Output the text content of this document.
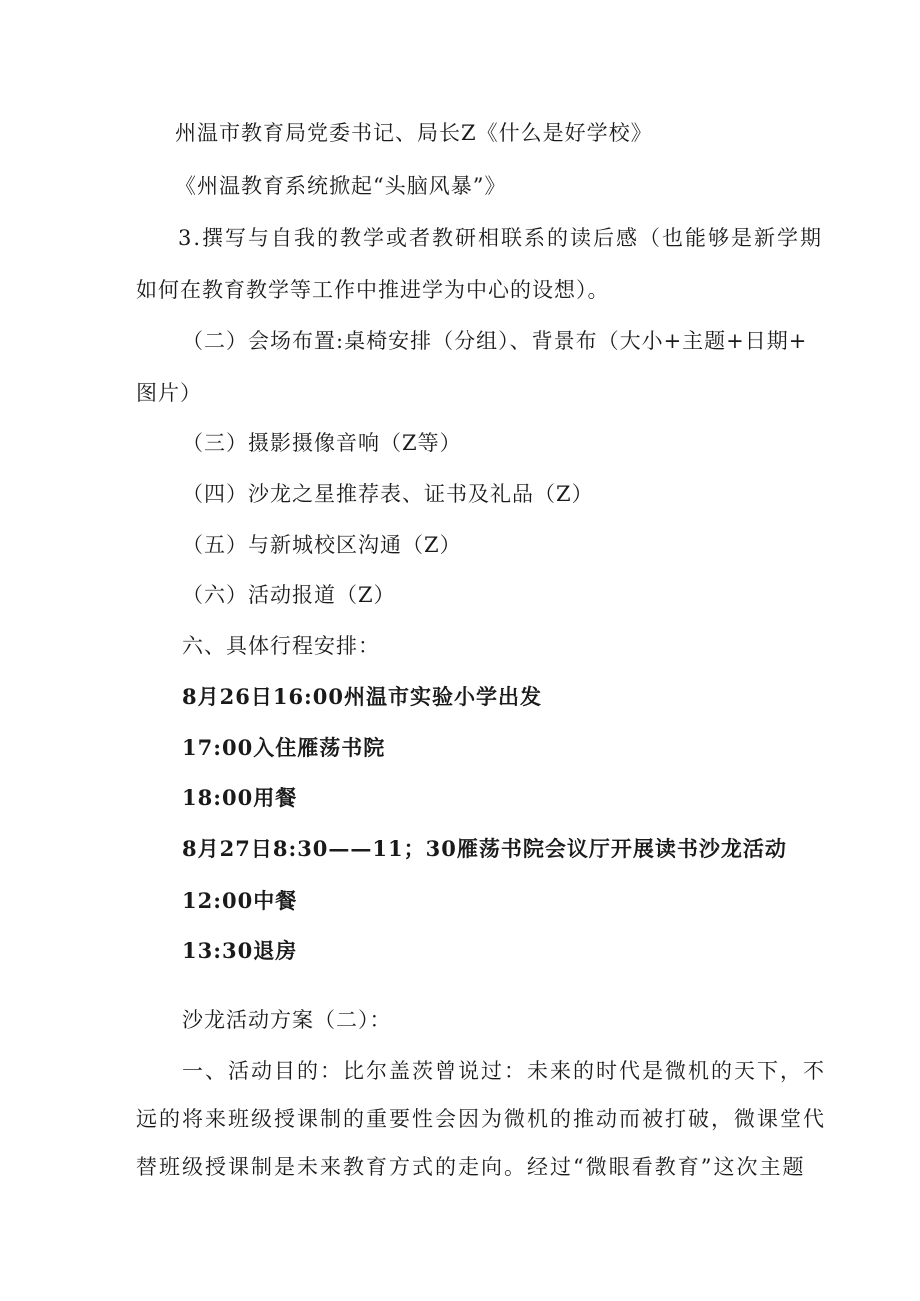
州温市教育局党委书记、局长Z《什么是好学校》
《州温教育系统掀起“头脑风暴”》
3.撰写与自我的教学或者教研相联系的读后感（也能够是新学期
如何在教育教学等工作中推进学为中心的设想）。
（二）会场布置:桌椅安排（分组）、背景布（大小+主题+日期+
图片）
（三）摄影摄像音响（Z等）
（四）沙龙之星推荐表、证书及礼品（Z）
（五）与新城校区沟通（Z）
（六）活动报道（Z）
六、具体行程安排：
8月26日16:00州温市实验小学出发
17:00入住雁荡书院
18:00用餐
8月27日8:30——11；30雁荡书院会议厅开展读书沙龙活动
12:00中餐
13:30退房
沙龙活动方案（二）：
一、活动目的：比尔盖茨曾说过：未来的时代是微机的天下，不
远的将来班级授课制的重要性会因为微机的推动而被打破，微课堂代
替班级授课制是未来教育方式的走向。经过“微眼看教育”这次主题
